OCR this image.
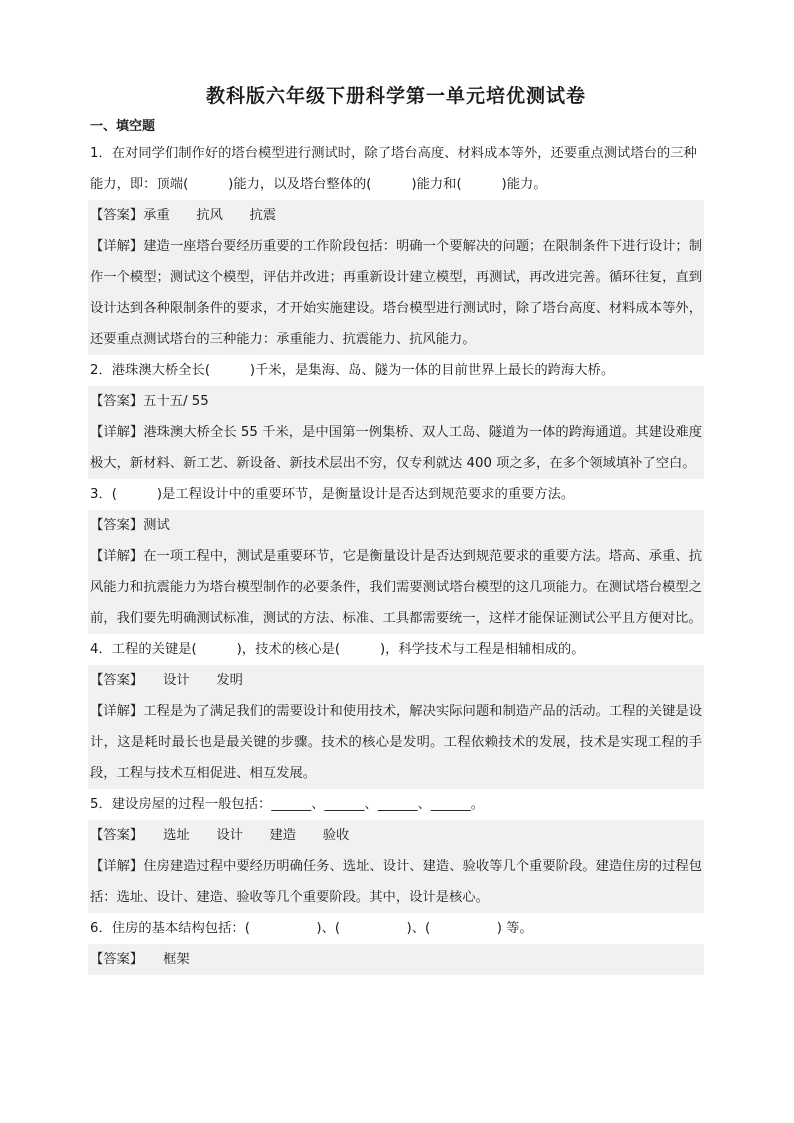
教科版六年级下册科学第一单元培优测试卷
一、填空题
1．在对同学们制作好的塔台模型进行测试时，除了塔台高度、材料成本等外，还要重点测试塔台的三种能力，即：顶端(　　　)能力，以及塔台整体的(　　　)能力和(　　　)能力。
【答案】承重　　抗风　　抗震
【详解】建造一座塔台要经历重要的工作阶段包括：明确一个要解决的问题；在限制条件下进行设计；制作一个模型；测试这个模型，评估并改进；再重新设计建立模型，再测试，再改进完善。循环往复，直到设计达到各种限制条件的要求，才开始实施建设。塔台模型进行测试时，除了塔台高度、材料成本等外，还要重点测试塔台的三种能力：承重能力、抗震能力、抗风能力。
2．港珠澳大桥全长(　　　)千米，是集海、岛、隧为一体的目前世界上最长的跨海大桥。
【答案】五十五/ 55
【详解】港珠澳大桥全长 55 千米，是中国第一例集桥、双人工岛、隧道为一体的跨海通道。其建设难度极大，新材料、新工艺、新设备、新技术层出不穷，仅专利就达 400 项之多，在多个领域填补了空白。
3．(　　　)是工程设计中的重要环节，是衡量设计是否达到规范要求的重要方法。
【答案】测试
【详解】在一项工程中，测试是重要环节，它是衡量设计是否达到规范要求的重要方法。塔高、承重、抗风能力和抗震能力为塔台模型制作的必要条件，我们需要测试塔台模型的这几项能力。在测试塔台模型之前，我们要先明确测试标准，测试的方法、标准、工具都需要统一，这样才能保证测试公平且方便对比。
4．工程的关键是(　　　)，技术的核心是(　　　)，科学技术与工程是相辅相成的。
【答案】　　设计　　发明
【详解】工程是为了满足我们的需要设计和使用技术，解决实际问题和制造产品的活动。工程的关键是设计，这是耗时最长也是最关键的步骤。技术的核心是发明。工程依赖技术的发展，技术是实现工程的手段，工程与技术互相促进、相互发展。
5．建设房屋的过程一般包括：______、______、______、______。
【答案】　　选址　　设计　　建造　　验收
【详解】住房建造过程中要经历明确任务、选址、设计、建造、验收等几个重要阶段。建造住房的过程包括：选址、设计、建造、验收等几个重要阶段。其中，设计是核心。
6．住房的基本结构包括：(　　　　　)、(　　　　　)、(　　　　　) 等。
【答案】　　框架
